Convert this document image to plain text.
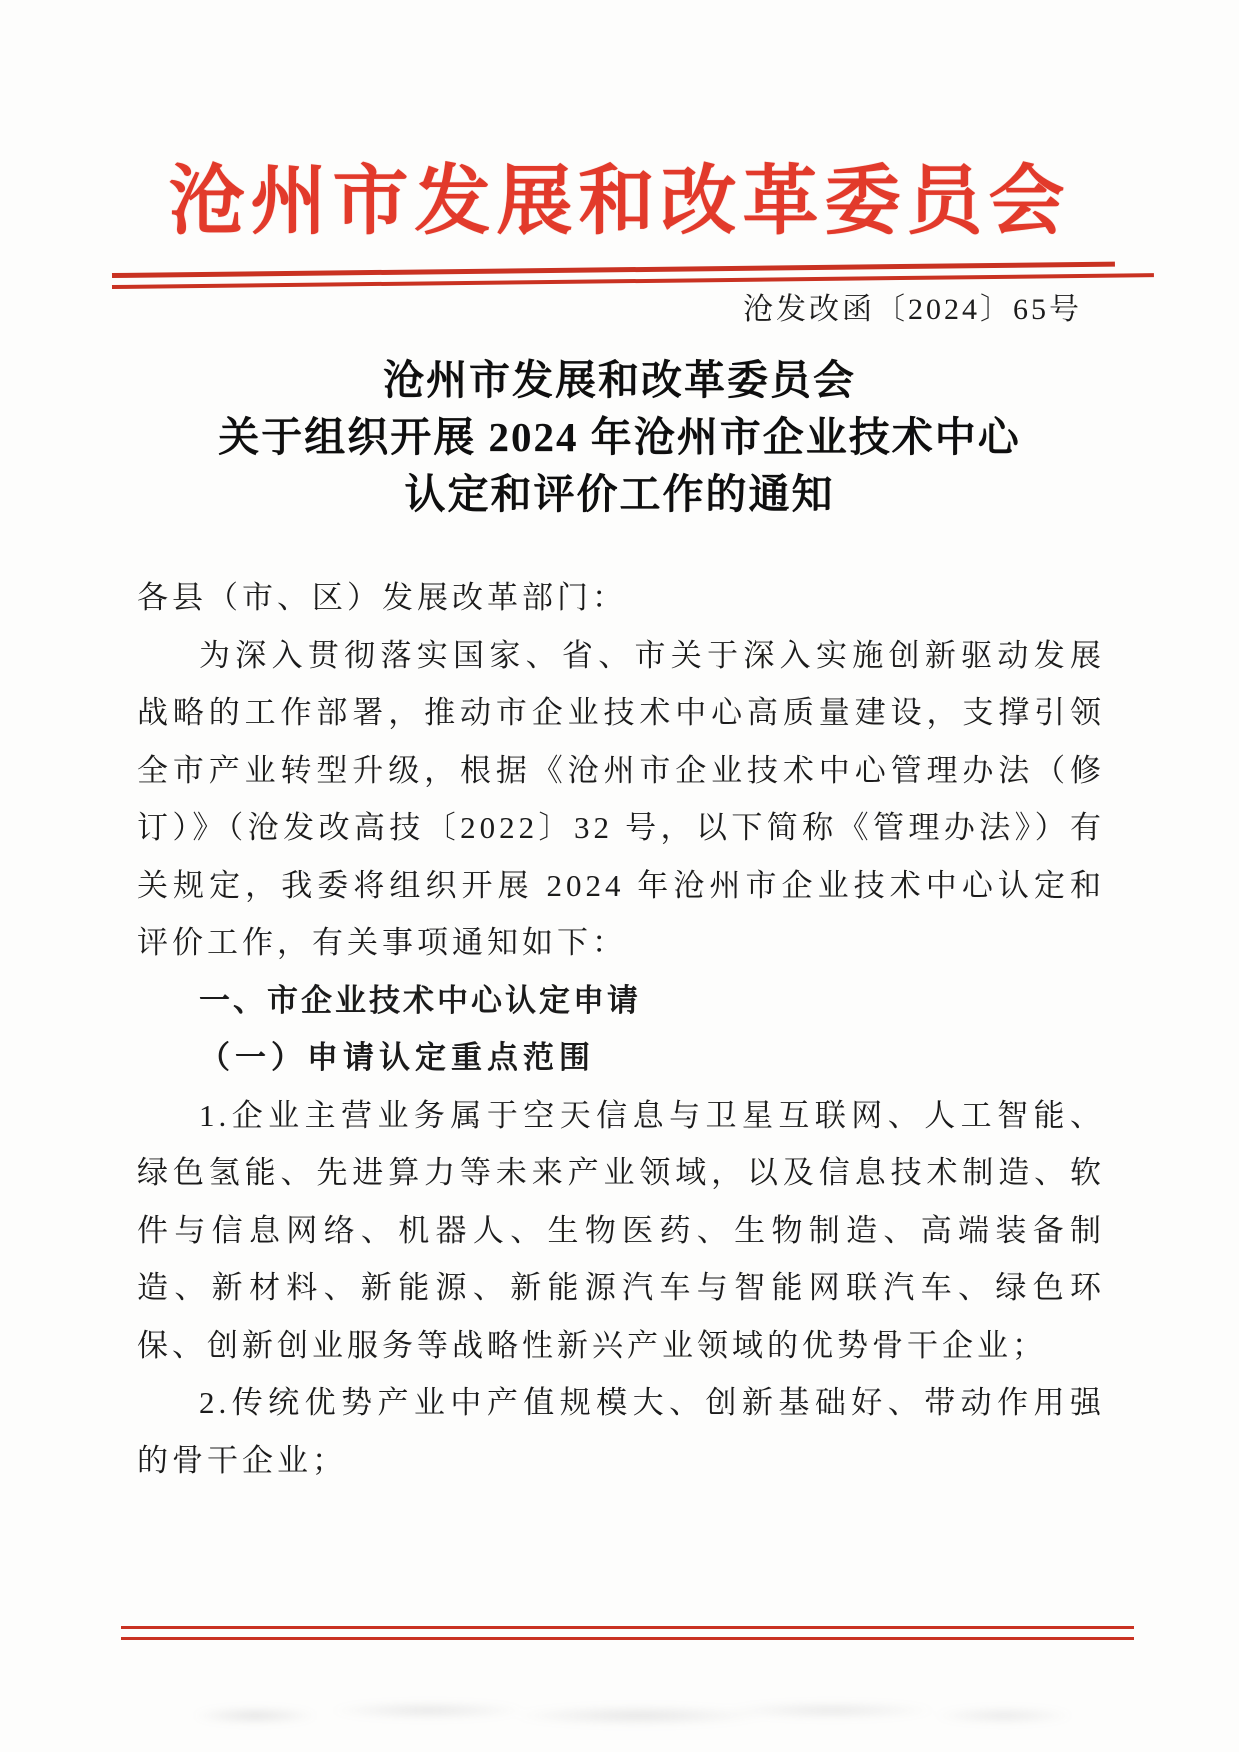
沧州市发展和改革委员会
沧发改函〔2024〕65号
沧州市发展和改革委员会
关于组织开展 2024 年沧州市企业技术中心
认定和评价工作的通知

各县（市、区）发展改革部门：

为深入贯彻落实国家、省、市关于深入实施创新驱动发展战略的工作部署，推动市企业技术中心高质量建设，支撑引领全市产业转型升级，根据《沧州市企业技术中心管理办法（修订）》（沧发改高技〔2022〕32 号，以下简称《管理办法》）有关规定，我委将组织开展 2024 年沧州市企业技术中心认定和评价工作，有关事项通知如下：

一、市企业技术中心认定申请

（一）申请认定重点范围

1.企业主营业务属于空天信息与卫星互联网、人工智能、绿色氢能、先进算力等未来产业领域，以及信息技术制造、软件与信息网络、机器人、生物医药、生物制造、高端装备制造、新材料、新能源、新能源汽车与智能网联汽车、绿色环保、创新创业服务等战略性新兴产业领域的优势骨干企业；

2.传统优势产业中产值规模大、创新基础好、带动作用强的骨干企业；
